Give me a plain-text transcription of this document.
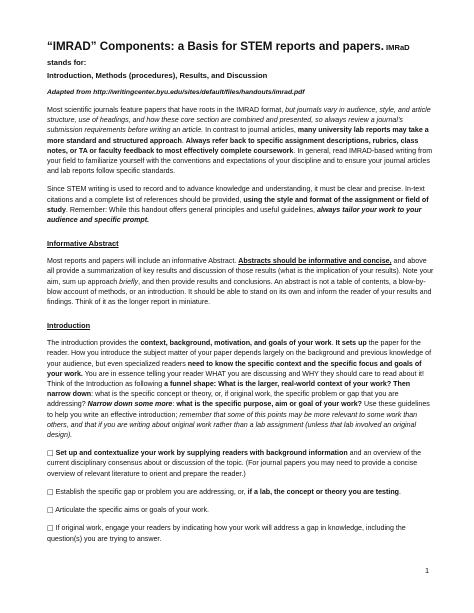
“IMRAD” Components: a Basis for STEM reports and papers. IMRaD stands for:
Introduction, Methods (procedures), Results, and Discussion
Adapted from http://writingcenter.byu.edu/sites/default/files/handouts/imrad.pdf

Most scientific journals feature papers that have roots in the IMRAD format, but journals vary in audience, style, and article structure, use of headings, and how these core section are combined and presented, so always review a journal’s submission requirements before writing an article. In contrast to journal articles, many university lab reports may take a more standard and structured approach. Always refer back to specific assignment descriptions, rubrics, class notes, or TA or faculty feedback to most effectively complete coursework. In general, read IMRAD-based writing from your field to familiarize yourself with the conventions and expectations of your discipline and to ensure your journal articles and lab reports follow specific standards.

Since STEM writing is used to record and to advance knowledge and understanding, it must be clear and precise. In-text citations and a complete list of references should be provided, using the style and format of the assignment or field of study. Remember: While this handout offers general principles and useful guidelines, always tailor your work to your audience and specific prompt.

Informative Abstract

Most reports and papers will include an informative Abstract. Abstracts should be informative and concise, and above all provide a summarization of key results and discussion of those results (what is the implication of your results). Note your aim, sum up approach briefly, and then provide results and conclusions. An abstract is not a table of contents, a blow-by-blow account of methods, or an introduction. It should be able to stand on its own and inform the reader of your results and findings. Think of it as the longer report in miniature.

Introduction

The introduction provides the context, background, motivation, and goals of your work. It sets up the paper for the reader. How you introduce the subject matter of your paper depends largely on the background and previous knowledge of your audience, but even specialized readers need to know the specific context and the specific focus and goals of your work. You are in essence telling your reader WHAT you are discussing and WHY they should care to read about it! Think of the Introduction as following a funnel shape: What is the larger, real-world context of your work? Then narrow down: what is the specific concept or theory, or, if original work, the specific problem or gap that you are addressing? Narrow down some more: what is the specific purpose, aim or goal of your work? Use these guidelines to help you write an effective introduction; remember that some of this points may be more relevant to some work than others, and that if you are writing about original work rather than a lab assignment (unless that lab involved an original design).

□ Set up and contextualize your work by supplying readers with background information and an overview of the current disciplinary consensus about or discussion of the topic. (For journal papers you may need to provide a concise overview of relevant literature to orient and prepare the reader.)

□ Establish the specific gap or problem you are addressing, or, if a lab, the concept or theory you are testing.

□ Articulate the specific aims or goals of your work.

□ If original work, engage your readers by indicating how your work will address a gap in knowledge, including the question(s) you are trying to answer.

1
